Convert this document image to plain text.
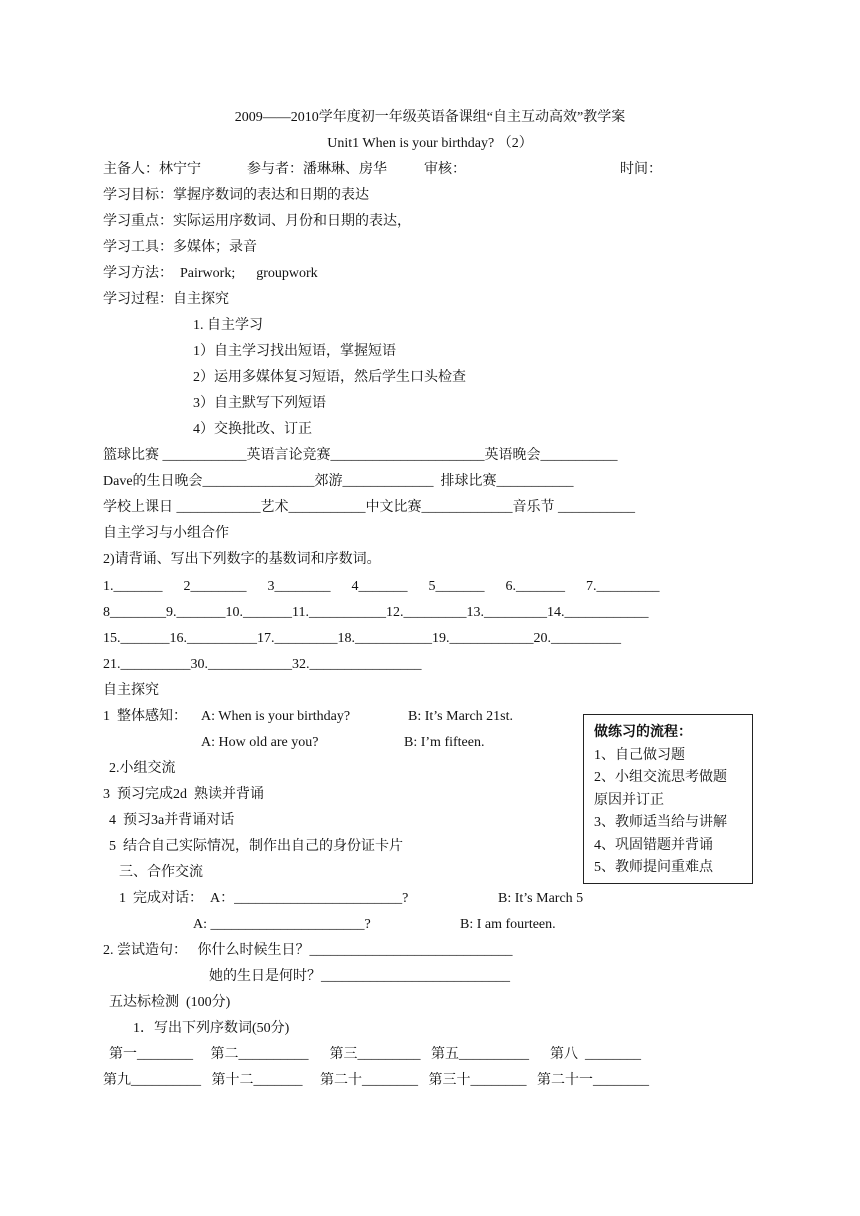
2009——2010学年度初一年级英语备课组“自主互动高效”教学案
Unit1 When is your birthday? （2）
主备人：林宁宁	参与者：潘琳琳、房华	审核：	时间：
学习目标：掌握序数词的表达和日期的表达
学习重点：实际运用序数词、月份和日期的表达，
学习工具：多媒体；录音
学习方法：  Pairwork;      groupwork
学习过程：自主探究
1. 自主学习
1）自主学习找出短语，掌握短语
2）运用多媒体复习短语，然后学生口头检查
3）自主默写下列短语
4）交换批改、订正
篮球比赛 ____________英语言论竞赛______________________英语晚会___________
Dave的生日晚会________________郊游_____________  排球比赛___________
学校上课日 ____________艺术___________中文比赛_____________音乐节 ___________
自主学习与小组合作
2)请背诵、写出下列数字的基数词和序数词。
1._______      2________      3________      4_______      5_______      6._______      7._________
8________9._______10._______11.___________12._________13._________14.____________
15._______16.__________17._________18.___________19.____________20.__________
21.__________30.____________32.________________
自主探究
1  整体感知： A: When is your birthday?	B: It’s March 21st.
A: How old are you?	B: I’m fifteen.
2.小组交流
3  预习完成2d  熟读并背诵
4  预习3a并背诵对话
5  结合自己实际情况，制作出自己的身份证卡片
做练习的流程：
1、自己做习题
2、小组交流思考做题
原因并订正
3、教师适当给与讲解
4、巩固错题并背诵
5、教师提问重难点
三、合作交流
1  完成对话：  A：________________________?	B: It’s March 5
A: ______________________?	B: I am fourteen.
2. 尝试造句：   你什么时候生日？_____________________________
她的生日是何时？___________________________
五达标检测  (100分)
1．写出下列序数词(50分)
第一________     第二__________      第三_________   第五__________      第八  ________
第九__________   第十二_______     第二十________   第三十________   第二十一________
